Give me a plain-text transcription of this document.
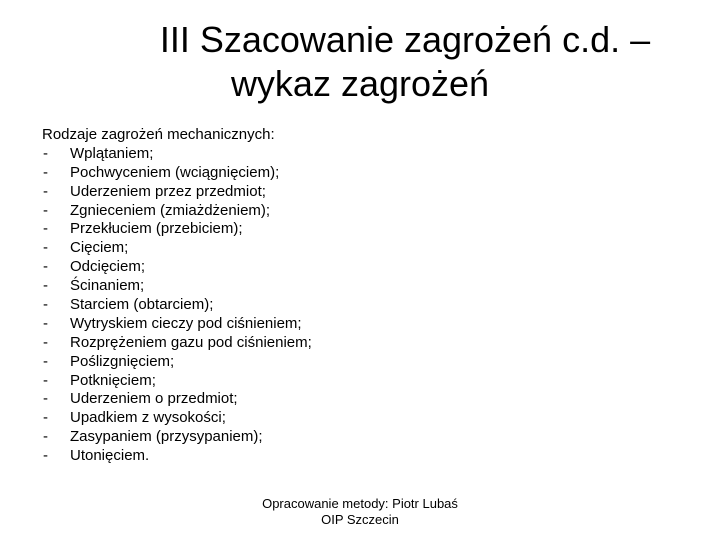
III Szacowanie zagrożeń c.d. –
wykaz zagrożeń
Rodzaje zagrożeń mechanicznych:
- Wplątaniem;
- Pochwyceniem (wciągnięciem);
- Uderzeniem przez przedmiot;
- Zgnieceniem (zmiażdżeniem);
- Przekłuciem (przebiciem);
- Cięciem;
- Odcięciem;
- Ścinaniem;
- Starciem (obtarciem);
- Wytryskiem cieczy pod ciśnieniem;
- Rozprężeniem gazu pod ciśnieniem;
- Poślizgnięciem;
- Potknięciem;
- Uderzeniem o przedmiot;
- Upadkiem z wysokości;
- Zasypaniem (przysypaniem);
- Utonięciem.
Opracowanie metody: Piotr Lubaś
OIP Szczecin
